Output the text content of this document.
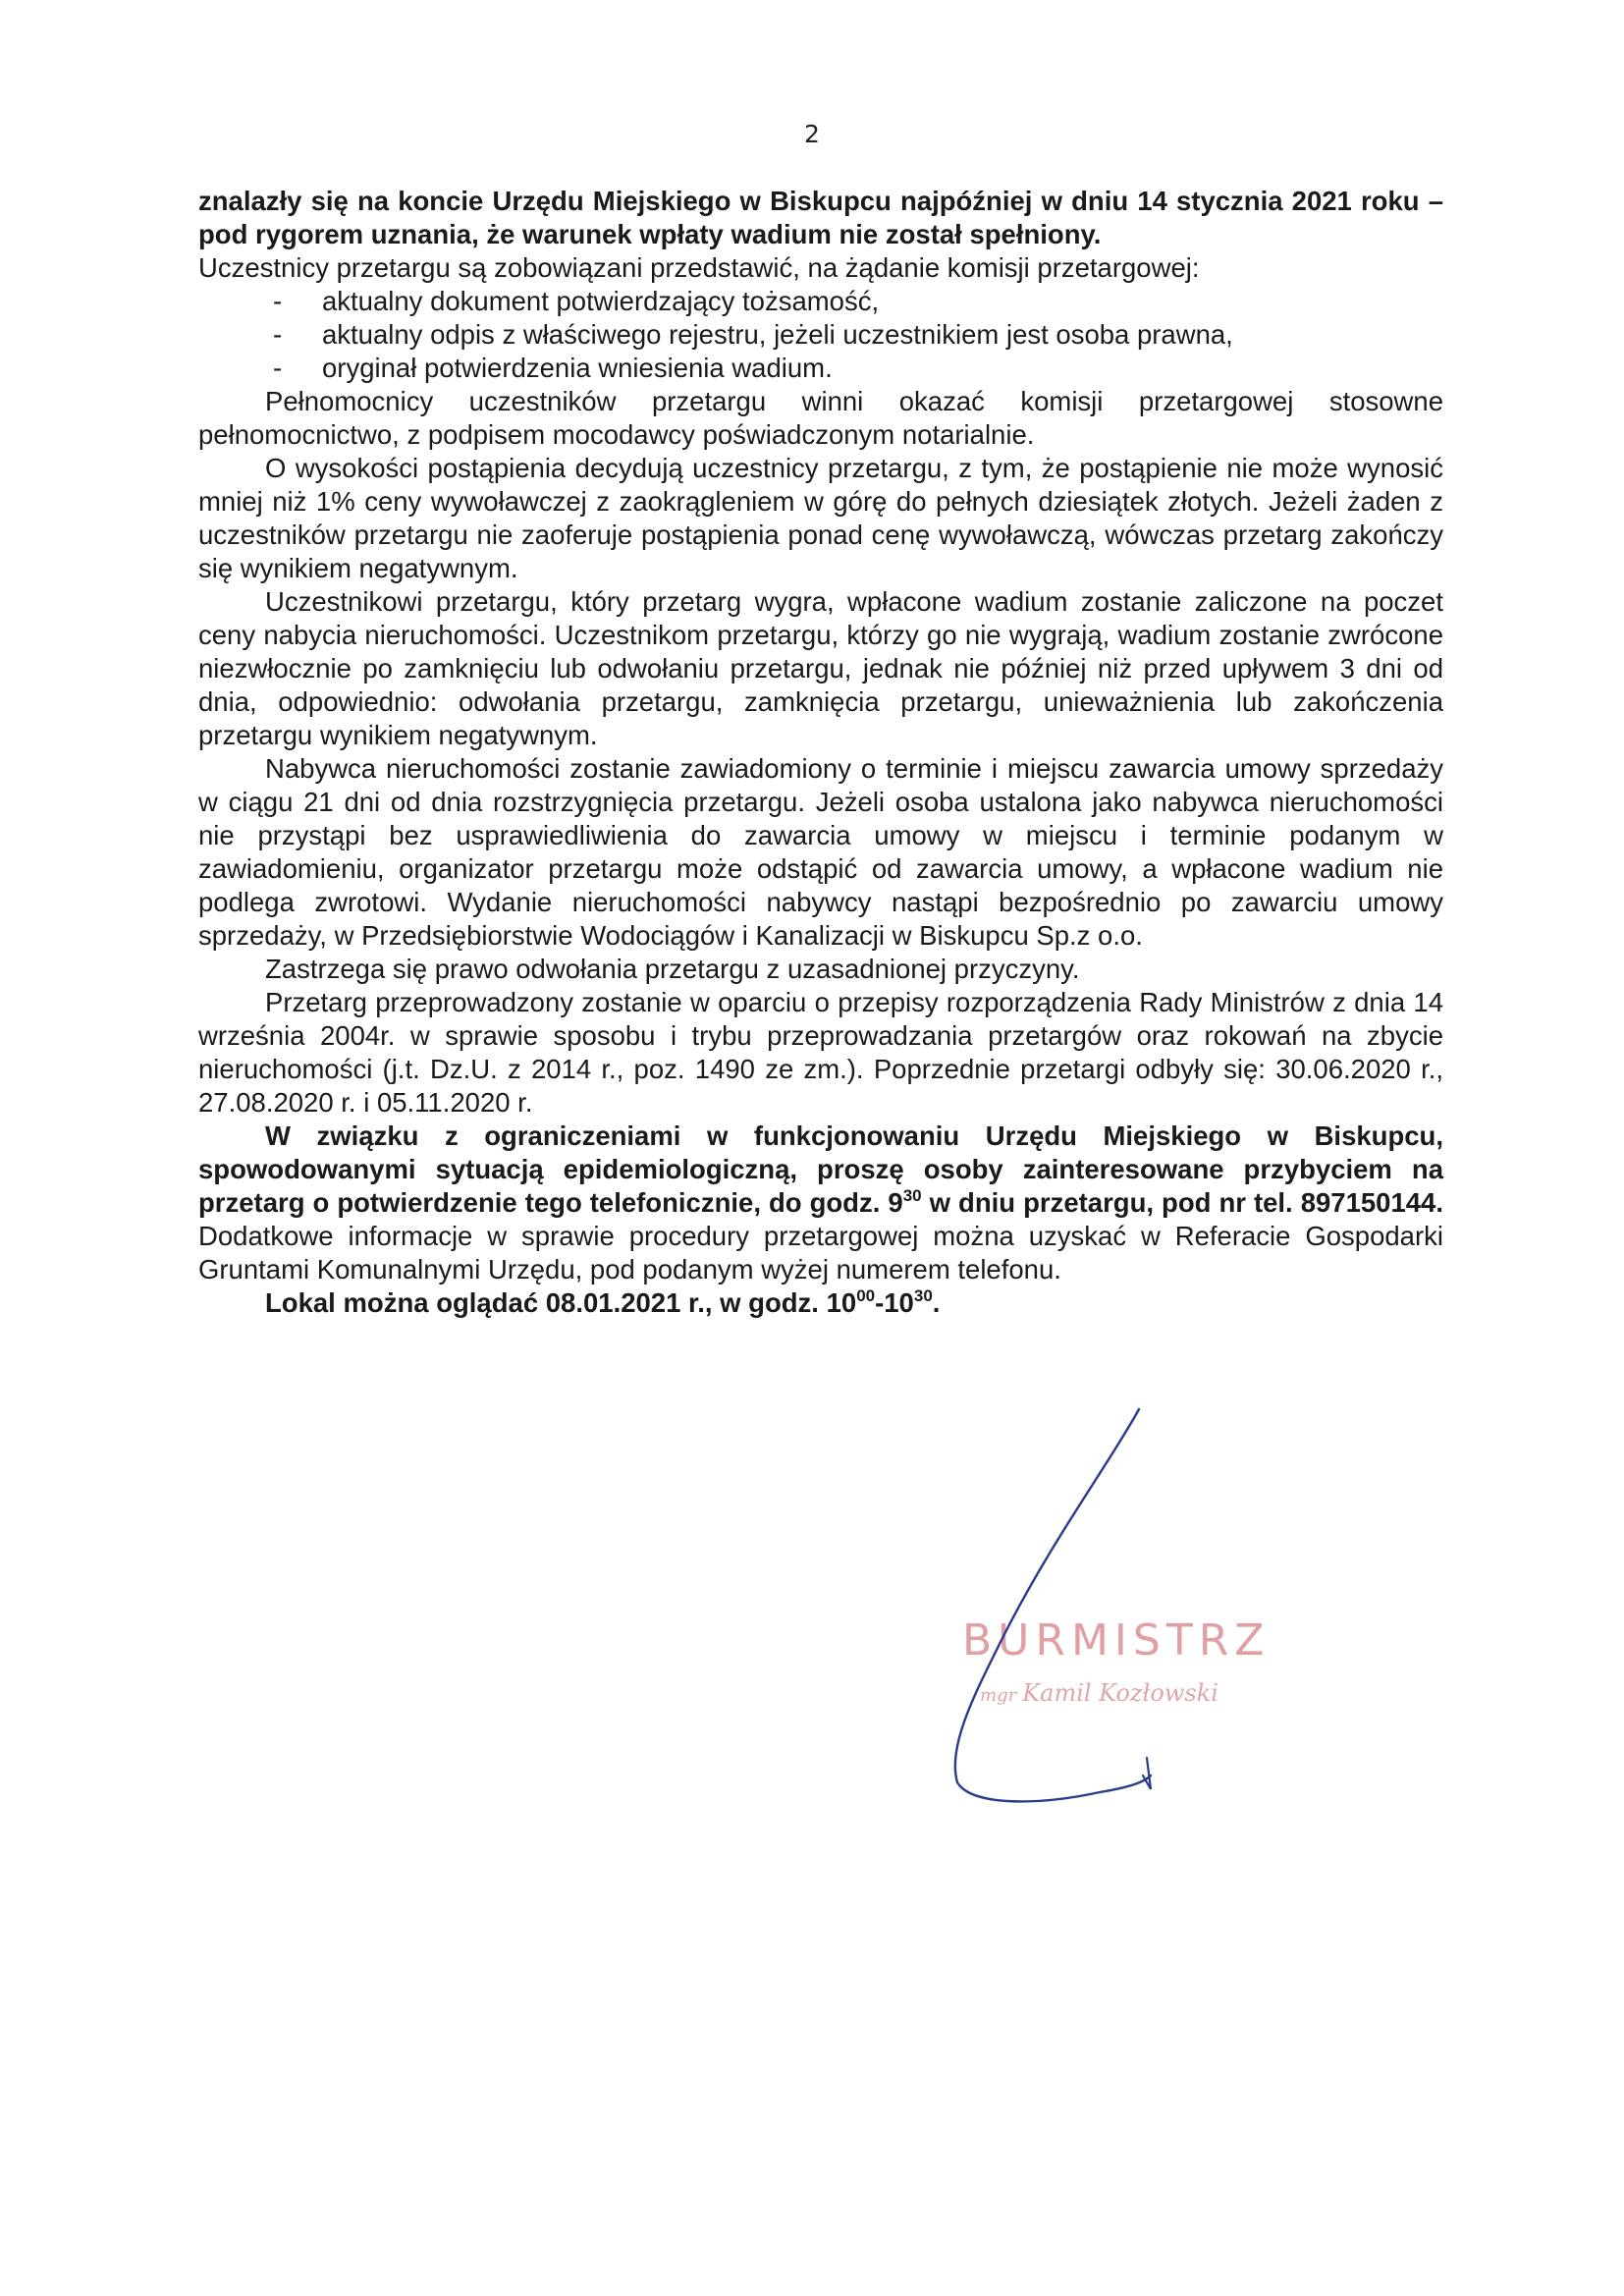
2

znalazły się na koncie Urzędu Miejskiego w Biskupcu najpóźniej w dniu 14 stycznia 2021 roku – pod rygorem uznania, że warunek wpłaty wadium nie został spełniony.

Uczestnicy przetargu są zobowiązani przedstawić, na żądanie komisji przetargowej:

- aktualny dokument potwierdzający tożsamość,
- aktualny odpis z właściwego rejestru, jeżeli uczestnikiem jest osoba prawna,
- oryginał potwierdzenia wniesienia wadium.

Pełnomocnicy uczestników przetargu winni okazać komisji przetargowej stosowne pełnomocnictwo, z podpisem mocodawcy poświadczonym notarialnie.

O wysokości postąpienia decydują uczestnicy przetargu, z tym, że postąpienie nie może wynosić mniej niż 1% ceny wywoławczej z zaokrągleniem w górę do pełnych dziesiątek złotych. Jeżeli żaden z uczestników przetargu nie zaoferuje postąpienia ponad cenę wywoławczą, wówczas przetarg zakończy się wynikiem negatywnym.

Uczestnikowi przetargu, który przetarg wygra, wpłacone wadium zostanie zaliczone na poczet ceny nabycia nieruchomości. Uczestnikom przetargu, którzy go nie wygrają, wadium zostanie zwrócone niezwłocznie po zamknięciu lub odwołaniu przetargu, jednak nie później niż przed upływem 3 dni od dnia, odpowiednio: odwołania przetargu, zamknięcia przetargu, unieważnienia lub zakończenia przetargu wynikiem negatywnym.

Nabywca nieruchomości zostanie zawiadomiony o terminie i miejscu zawarcia umowy sprzedaży w ciągu 21 dni od dnia rozstrzygnięcia przetargu. Jeżeli osoba ustalona jako nabywca nieruchomości nie przystąpi bez usprawiedliwienia do zawarcia umowy w miejscu i terminie podanym w zawiadomieniu, organizator przetargu może odstąpić od zawarcia umowy, a wpłacone wadium nie podlega zwrotowi. Wydanie nieruchomości nabywcy nastąpi bezpośrednio po zawarciu umowy sprzedaży, w Przedsiębiorstwie Wodociągów i Kanalizacji w Biskupcu Sp.z o.o.

Zastrzega się prawo odwołania przetargu z uzasadnionej przyczyny.

Przetarg przeprowadzony zostanie w oparciu o przepisy rozporządzenia Rady Ministrów z dnia 14 września 2004r. w sprawie sposobu i trybu przeprowadzania przetargów oraz rokowań na zbycie nieruchomości (j.t. Dz.U. z 2014 r., poz. 1490 ze zm.). Poprzednie przetargi odbyły się: 30.06.2020 r., 27.08.2020 r. i 05.11.2020 r.

W związku z ograniczeniami w funkcjonowaniu Urzędu Miejskiego w Biskupcu, spowodowanymi sytuacją epidemiologiczną, proszę osoby zainteresowane przybyciem na przetarg o potwierdzenie tego telefonicznie, do godz. $9^{30}$ w dniu przetargu, pod nr tel. 897150144. Dodatkowe informacje w sprawie procedury przetargowej można uzyskać w Referacie Gospodarki Gruntami Komunalnymi Urzędu, pod podanym wyżej numerem telefonu.

Lokal można oglądać 08.01.2021 r., w godz. $10^{00}-10^{30}$.

BURMISTRZ
mgr Kamil Kozłowski
